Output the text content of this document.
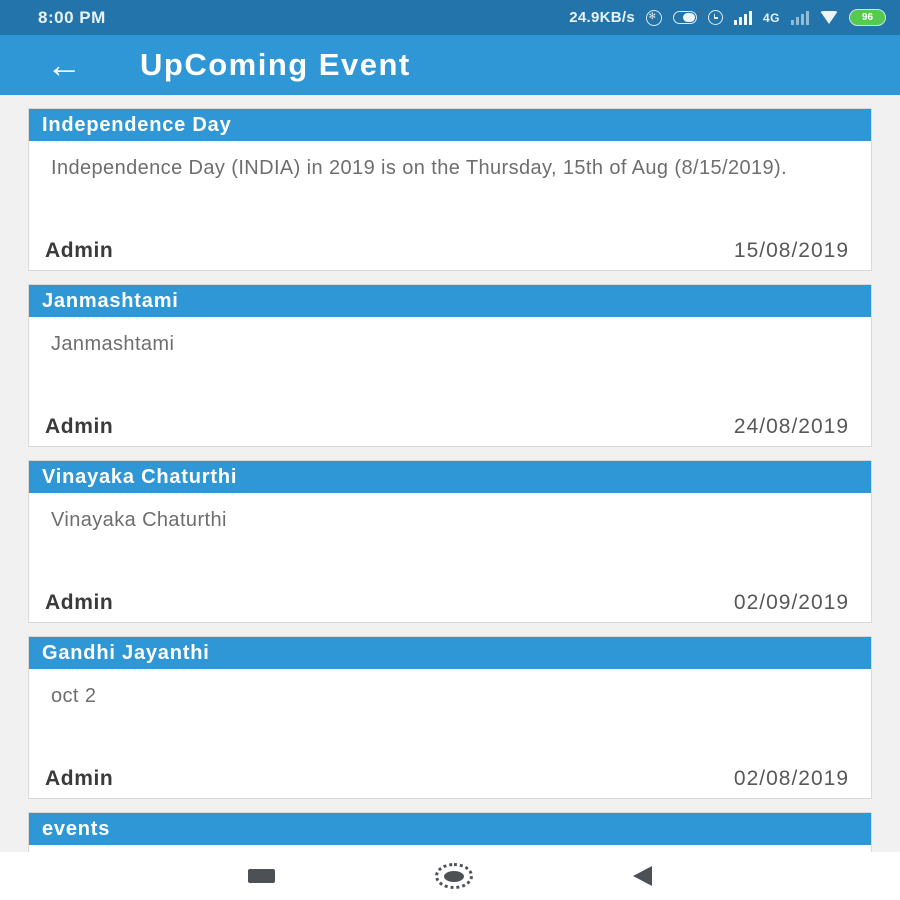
8:00 PM	24.9KB/s ✻	4G	96
← UpComing Event
Independence Day
Independence Day (INDIA) in 2019 is on the Thursday, 15th of Aug (8/15/2019).
Admin	15/08/2019
Janmashtami
Janmashtami
Admin	24/08/2019
Vinayaka Chaturthi
Vinayaka Chaturthi
Admin	02/09/2019
Gandhi Jayanthi
oct 2
Admin	02/08/2019
events
